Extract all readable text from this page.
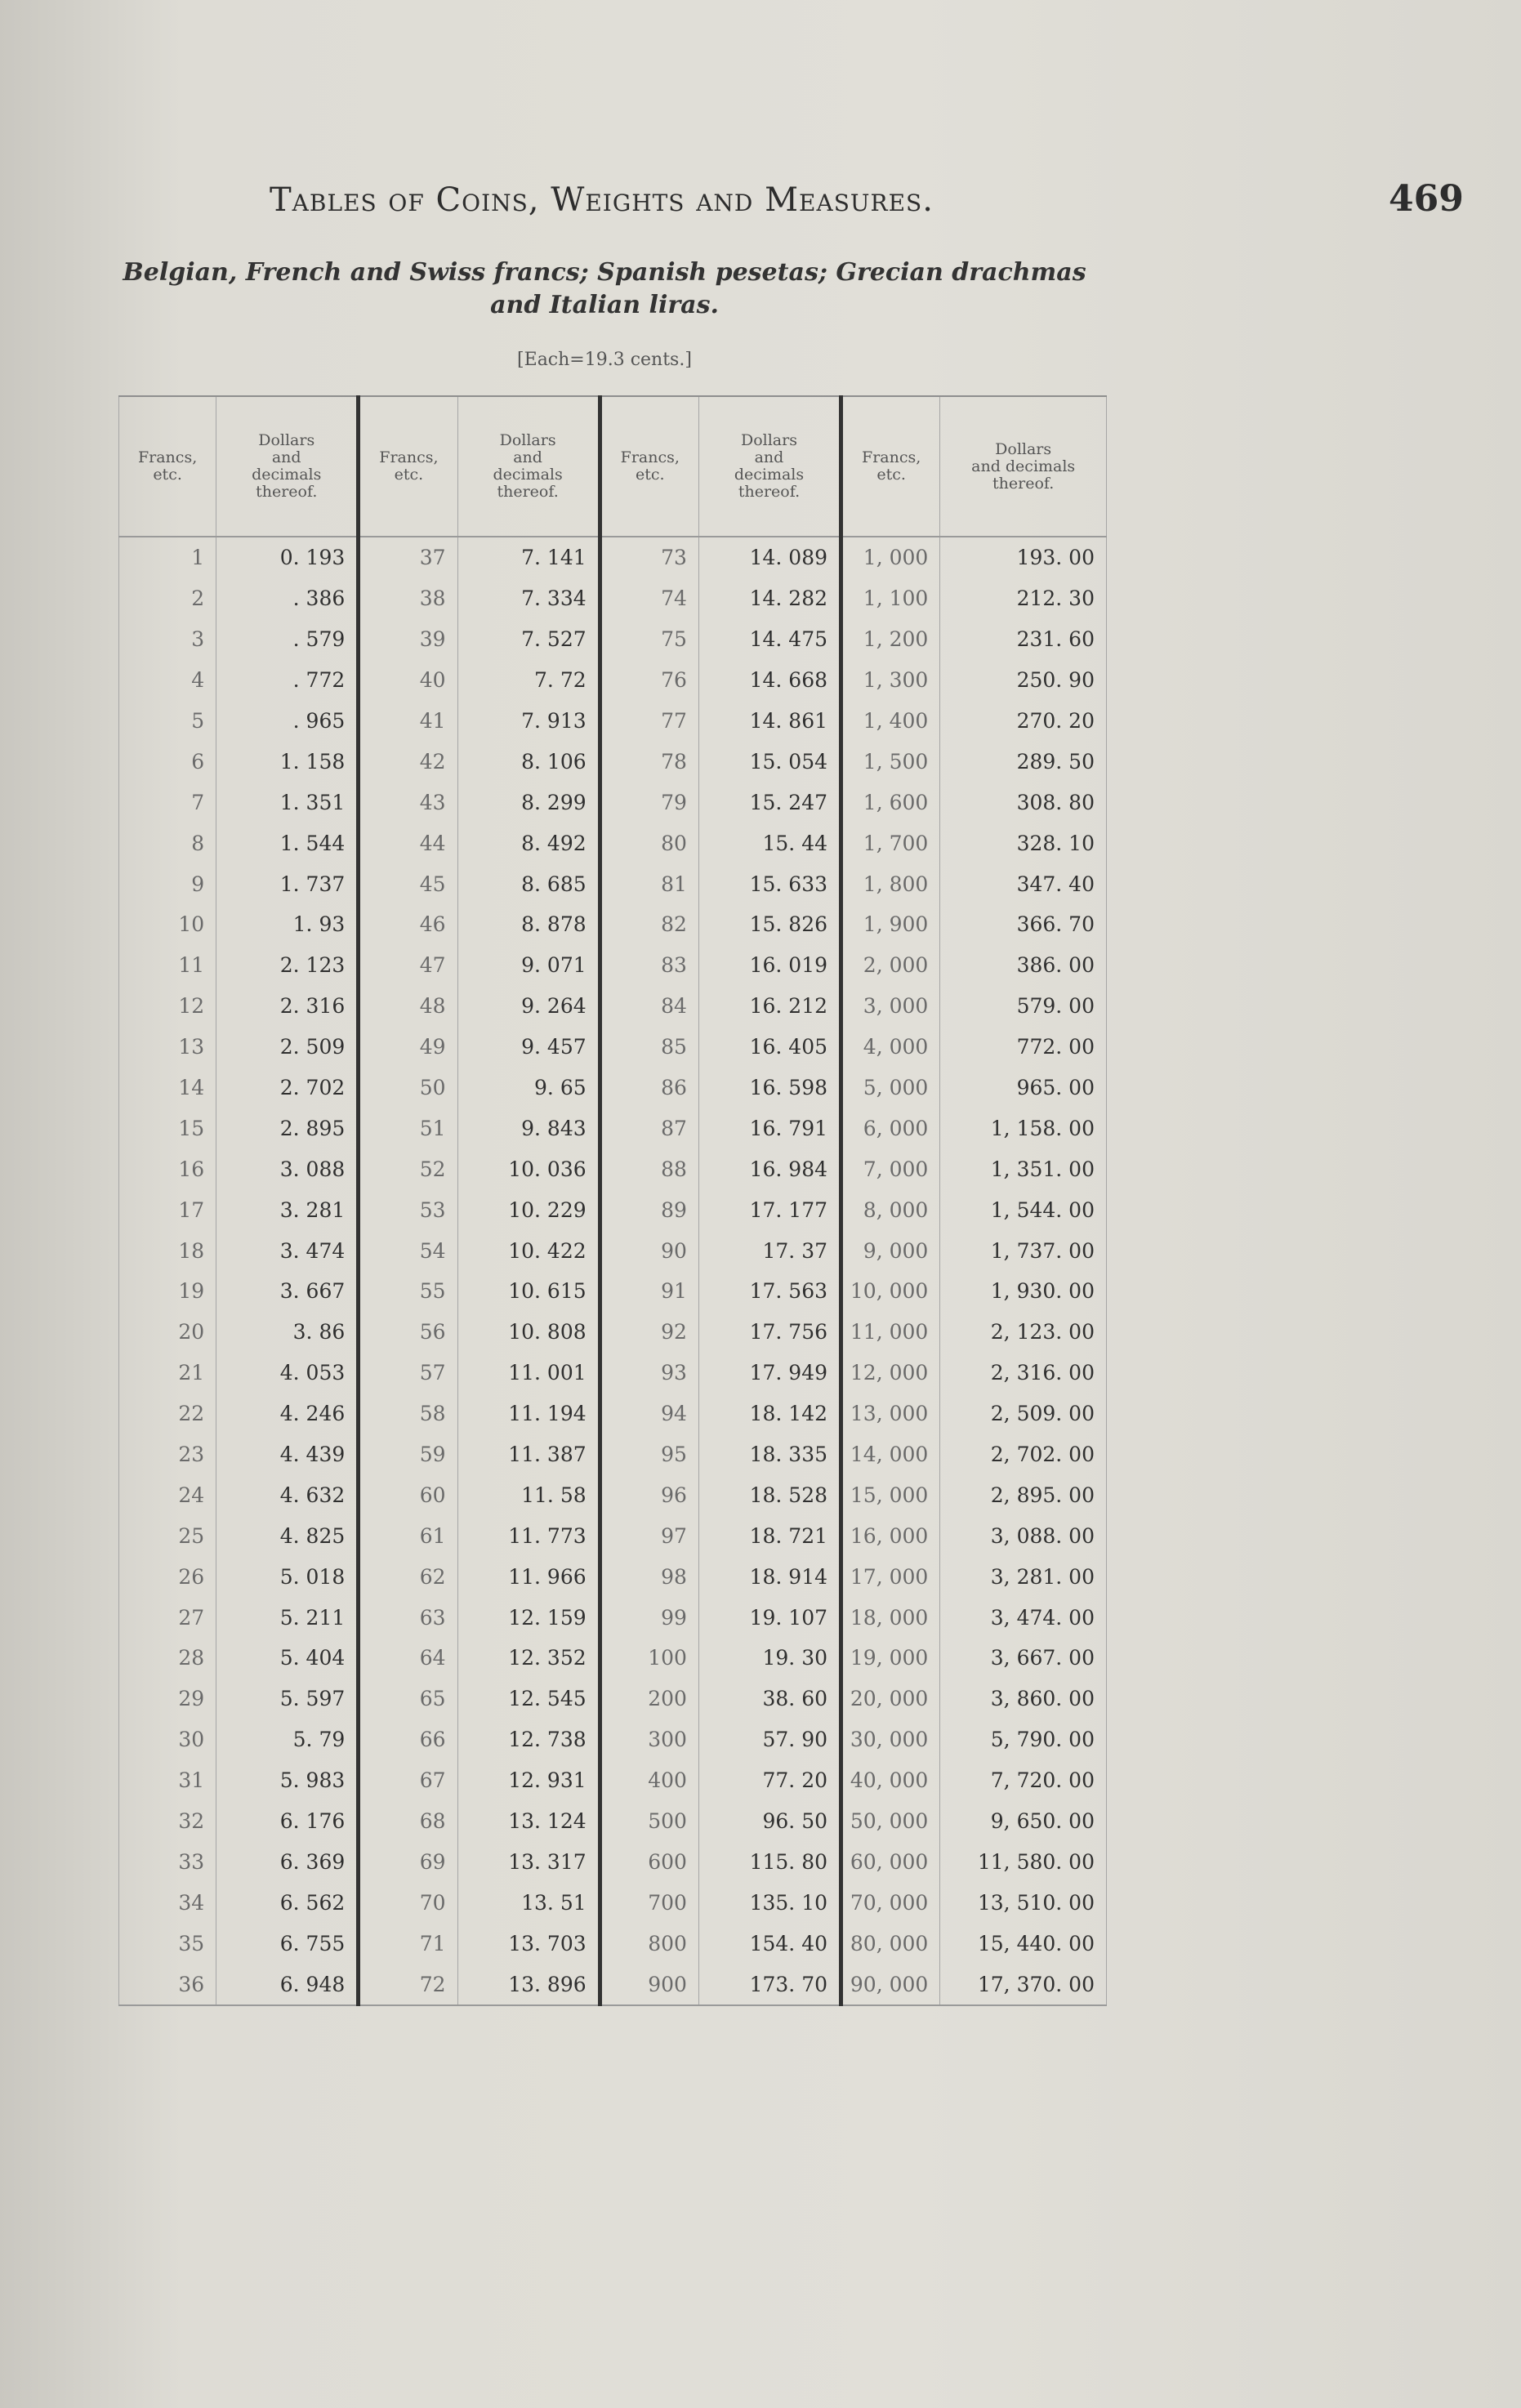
Tables of Coins, Weights and Measures.	469
Belgian, French and Swiss francs; Spanish pesetas; Grecian drachmas and Italian liras.
[Each=19.3 cents.]
Francs,
etc.	Dollars
and
decimals
thereof.	Francs,
etc.	Dollars
and
decimals
thereof.	Francs,
etc.	Dollars
and
decimals
thereof.	Francs,
etc.	Dollars
and decimals
thereof.

1	0. 193	37	7. 141	73	14. 089	1, 000	193. 00
2	. 386	38	7. 334	74	14. 282	1, 100	212. 30
3	. 579	39	7. 527	75	14. 475	1, 200	231. 60
4	. 772	40	7. 72	76	14. 668	1, 300	250. 90
5	. 965	41	7. 913	77	14. 861	1, 400	270. 20
6	1. 158	42	8. 106	78	15. 054	1, 500	289. 50
7	1. 351	43	8. 299	79	15. 247	1, 600	308. 80
8	1. 544	44	8. 492	80	15. 44	1, 700	328. 10
9	1. 737	45	8. 685	81	15. 633	1, 800	347. 40
10	1. 93	46	8. 878	82	15. 826	1, 900	366. 70
11	2. 123	47	9. 071	83	16. 019	2, 000	386. 00
12	2. 316	48	9. 264	84	16. 212	3, 000	579. 00
13	2. 509	49	9. 457	85	16. 405	4, 000	772. 00
14	2. 702	50	9. 65	86	16. 598	5, 000	965. 00
15	2. 895	51	9. 843	87	16. 791	6, 000	1, 158. 00
16	3. 088	52	10. 036	88	16. 984	7, 000	1, 351. 00
17	3. 281	53	10. 229	89	17. 177	8, 000	1, 544. 00
18	3. 474	54	10. 422	90	17. 37	9, 000	1, 737. 00
19	3. 667	55	10. 615	91	17. 563	10, 000	1, 930. 00
20	3. 86	56	10. 808	92	17. 756	11, 000	2, 123. 00
21	4. 053	57	11. 001	93	17. 949	12, 000	2, 316. 00
22	4. 246	58	11. 194	94	18. 142	13, 000	2, 509. 00
23	4. 439	59	11. 387	95	18. 335	14, 000	2, 702. 00
24	4. 632	60	11. 58	96	18. 528	15, 000	2, 895. 00
25	4. 825	61	11. 773	97	18. 721	16, 000	3, 088. 00
26	5. 018	62	11. 966	98	18. 914	17, 000	3, 281. 00
27	5. 211	63	12. 159	99	19. 107	18, 000	3, 474. 00
28	5. 404	64	12. 352	100	19. 30	19, 000	3, 667. 00
29	5. 597	65	12. 545	200	38. 60	20, 000	3, 860. 00
30	5. 79	66	12. 738	300	57. 90	30, 000	5, 790. 00
31	5. 983	67	12. 931	400	77. 20	40, 000	7, 720. 00
32	6. 176	68	13. 124	500	96. 50	50, 000	9, 650. 00
33	6. 369	69	13. 317	600	115. 80	60, 000	11, 580. 00
34	6. 562	70	13. 51	700	135. 10	70, 000	13, 510. 00
35	6. 755	71	13. 703	800	154. 40	80, 000	15, 440. 00
36	6. 948	72	13. 896	900	173. 70	90, 000	17, 370. 00
